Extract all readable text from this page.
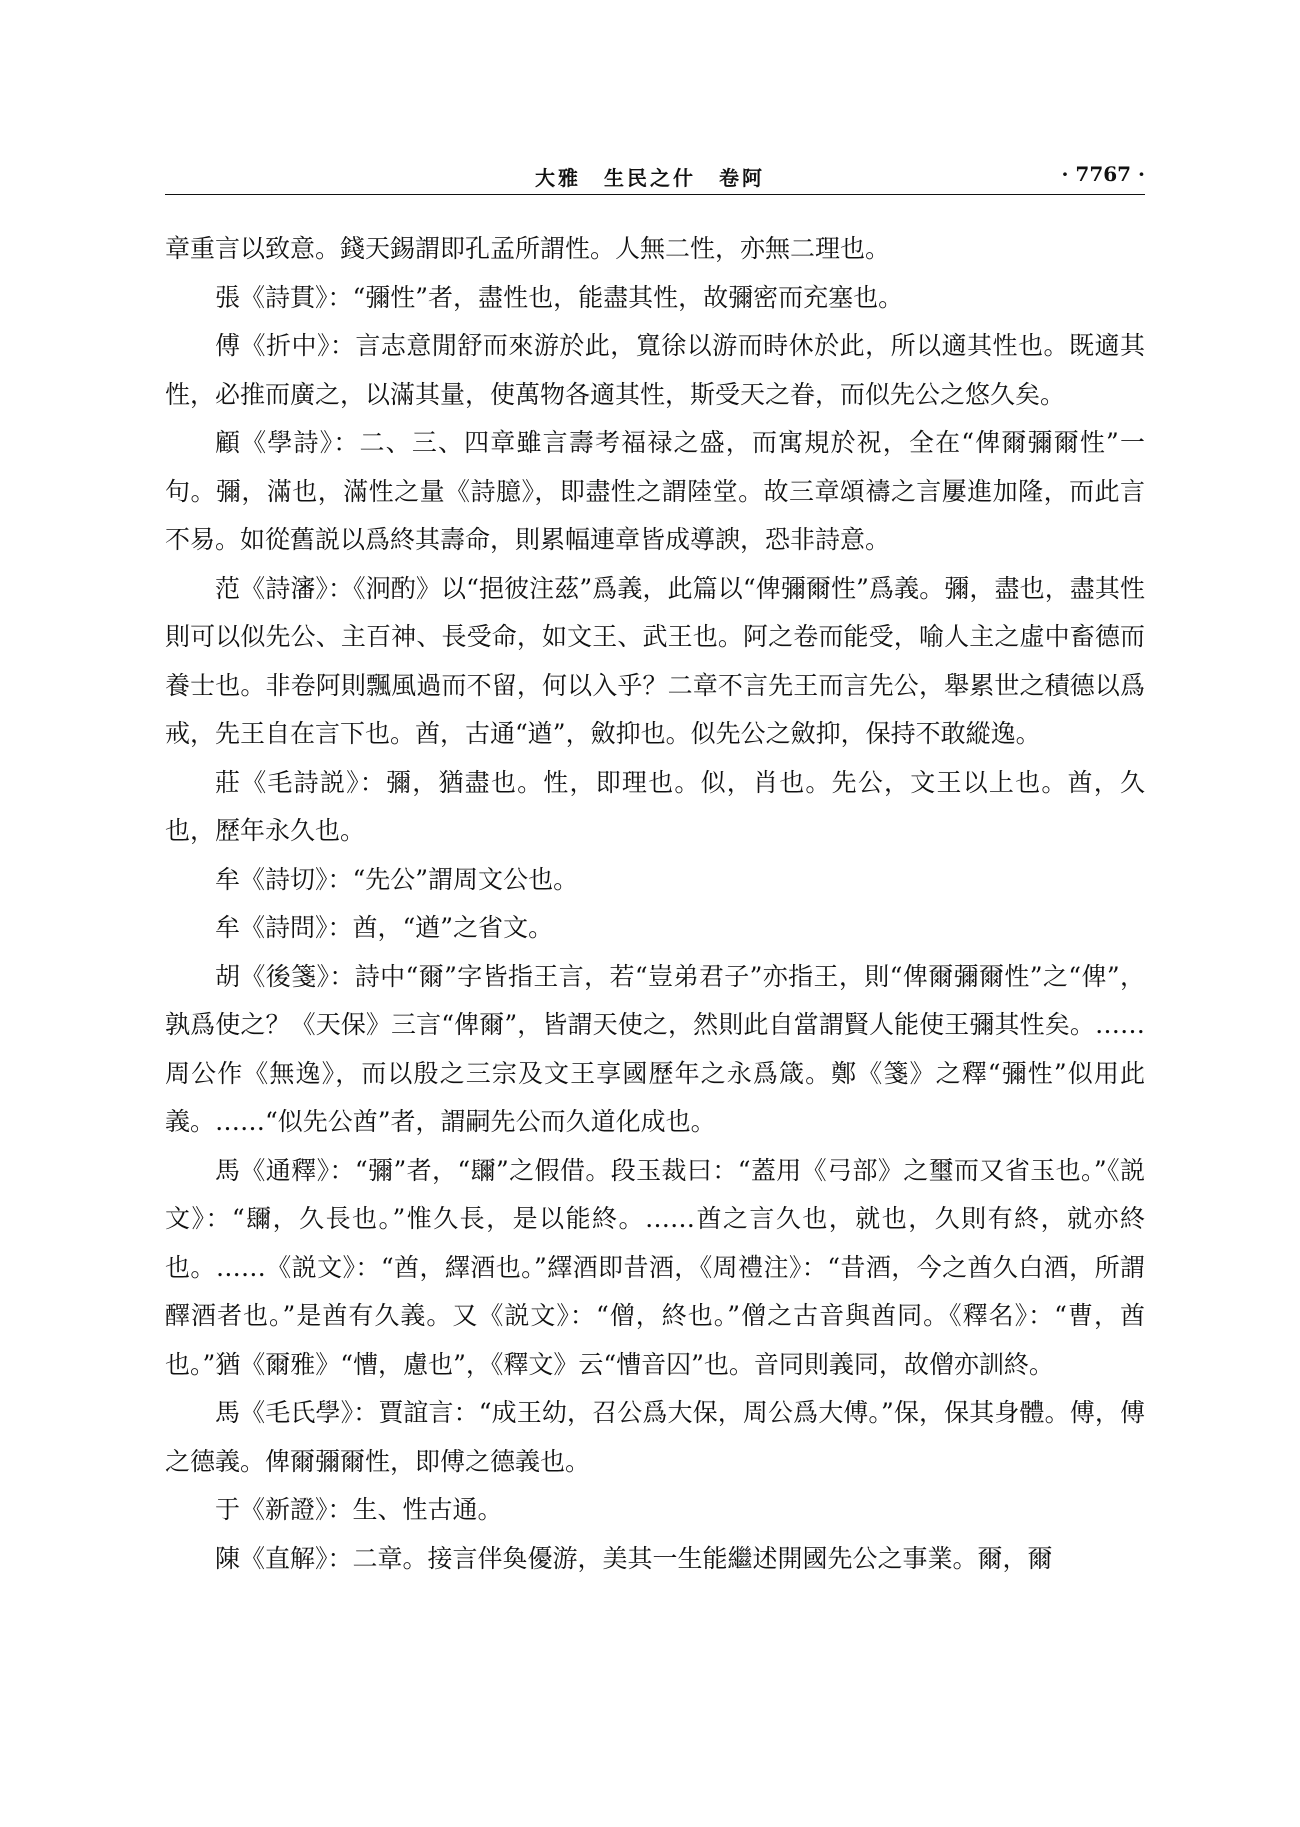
大雅　生民之什　卷阿	· 7767 ·

章重言以致意。錢天錫謂即孔孟所謂性。人無二性，亦無二理也。

張《詩貫》：“彌性”者，盡性也，能盡其性，故彌密而充塞也。

傅《折中》：言志意閒舒而來游於此，寬徐以游而時休於此，所以適其性也。既適其性，必推而廣之，以滿其量，使萬物各適其性，斯受天之眷，而似先公之悠久矣。

顧《學詩》：二、三、四章雖言壽考福禄之盛，而寓規於祝，全在“俾爾彌爾性”一句。彌，滿也，滿性之量《詩臆》，即盡性之謂陸堂。故三章頌禱之言屢進加隆，而此言不易。如從舊説以爲終其壽命，則累幅連章皆成導諛，恐非詩意。

范《詩瀋》：《泂酌》以“挹彼注茲”爲義，此篇以“俾彌爾性”爲義。彌，盡也，盡其性則可以似先公、主百神、長受命，如文王、武王也。阿之卷而能受，喻人主之虛中畜德而養士也。非卷阿則飄風過而不留，何以入乎？二章不言先王而言先公，舉累世之積德以爲戒，先王自在言下也。酋，古通“遒”，斂抑也。似先公之斂抑，保持不敢縱逸。

莊《毛詩説》：彌，猶盡也。性，即理也。似，肖也。先公，文王以上也。酋，久也，歷年永久也。

牟《詩切》：“先公”謂周文公也。

牟《詩問》：酋，“遒”之省文。

胡《後箋》：詩中“爾”字皆指王言，若“豈弟君子”亦指王，則“俾爾彌爾性”之“俾”，孰爲使之？《天保》三言“俾爾”，皆謂天使之，然則此自當謂賢人能使王彌其性矣。……周公作《無逸》，而以殷之三宗及文王享國歷年之永爲箴。鄭《箋》之釋“彌性”似用此義。……“似先公酋”者，謂嗣先公而久道化成也。

馬《通釋》：“彌”者，“镾”之假借。段玉裁曰：“蓋用《弓部》之璽而又省玉也。”《説文》：“镾，久長也。”惟久長，是以能終。……酋之言久也，就也，久則有終，就亦終也。……《説文》：“酋，繹酒也。”繹酒即昔酒，《周禮注》：“昔酒，今之酋久白酒，所謂醳酒者也。”是酋有久義。又《説文》：“僧，終也。”僧之古音與酋同。《釋名》：“曹，酋也。”猶《爾雅》“慒，慮也”，《釋文》云“慒音囚”也。音同則義同，故僧亦訓終。

馬《毛氏學》：賈誼言：“成王幼，召公爲大保，周公爲大傅。”保，保其身體。傅，傅之德義。俾爾彌爾性，即傅之德義也。

于《新證》：生、性古通。

陳《直解》：二章。接言伴奐優游，美其一生能繼述開國先公之事業。爾，爾
